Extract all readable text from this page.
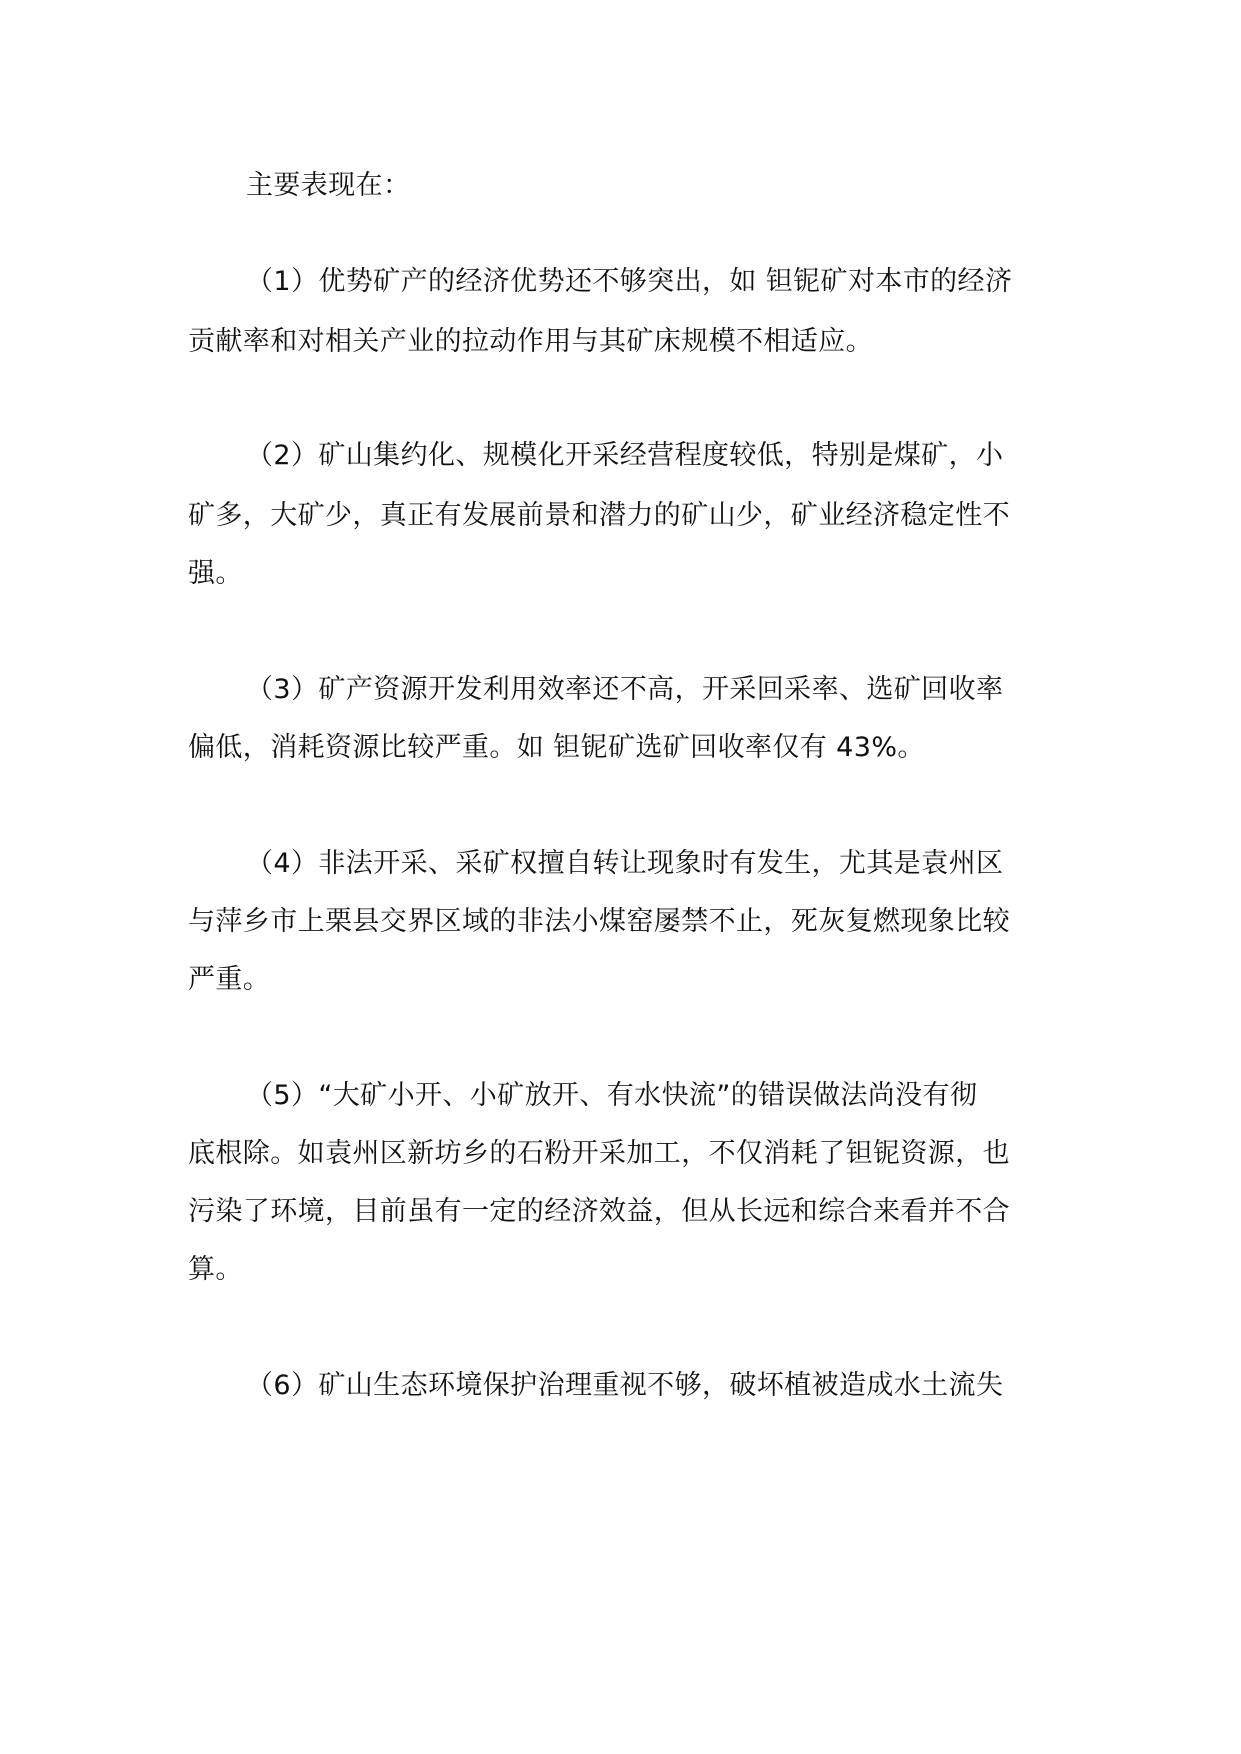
主要表现在：
（1）优势矿产的经济优势还不够突出，如 钽铌矿对本市的经济
贡献率和对相关产业的拉动作用与其矿床规模不相适应。
（2）矿山集约化、规模化开采经营程度较低，特别是煤矿，小
矿多，大矿少，真正有发展前景和潜力的矿山少，矿业经济稳定性不
强。
（3）矿产资源开发利用效率还不高，开采回采率、选矿回收率
偏低，消耗资源比较严重。如 钽铌矿选矿回收率仅有 43%。
（4）非法开采、采矿权擅自转让现象时有发生，尤其是袁州区
与萍乡市上栗县交界区域的非法小煤窑屡禁不止，死灰复燃现象比较
严重。
（5）“大矿小开、小矿放开、有水快流”的错误做法尚没有彻
底根除。如袁州区新坊乡的石粉开采加工，不仅消耗了钽铌资源，也
污染了环境，目前虽有一定的经济效益，但从长远和综合来看并不合
算。
（6）矿山生态环境保护治理重视不够，破坏植被造成水土流失
